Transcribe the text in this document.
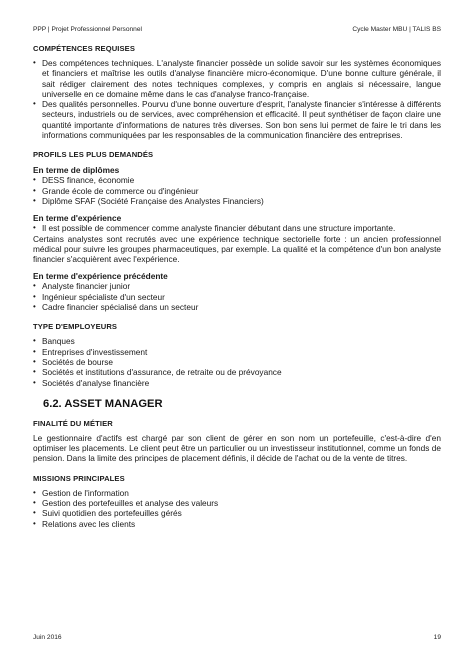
PPP | Projet Professionnel Personnel	Cycle Master MBU | TALIS BS

COMPÉTENCES REQUISES

• Des compétences techniques. L'analyste financier possède un solide savoir sur les systèmes économiques et financiers et maîtrise les outils d'analyse financière micro-économique. D'une bonne culture générale, il sait rédiger clairement des notes techniques complexes, y compris en anglais si nécessaire, langue universelle en ce domaine même dans le cas d'analyse franco-française.
• Des qualités personnelles. Pourvu d'une bonne ouverture d'esprit, l'analyste financier s'intéresse à différents secteurs, industriels ou de services, avec compréhension et efficacité. Il peut synthétiser de façon claire une quantité importante d'informations de natures très diverses. Son bon sens lui permet de faire le tri dans les informations communiquées par les responsables de la communication financière des entreprises.

PROFILS LES PLUS DEMANDÉS

En terme de diplômes

• DESS finance, économie
• Grande école de commerce ou d'ingénieur
• Diplôme SFAF (Société Française des Analystes Financiers)

En terme d'expérience

• Il est possible de commencer comme analyste financier débutant dans une structure importante.

Certains analystes sont recrutés avec une expérience technique sectorielle forte : un ancien professionnel médical pour suivre les groupes pharmaceutiques, par exemple. La qualité et la compétence d'un bon analyste financier s'acquièrent avec l'expérience.

En terme d'expérience précédente

• Analyste financier junior
• Ingénieur spécialiste d'un secteur
• Cadre financier spécialisé dans un secteur

TYPE D'EMPLOYEURS

• Banques
• Entreprises d'investissement
• Sociétés de bourse
• Sociétés et institutions d'assurance, de retraite ou de prévoyance
• Sociétés d'analyse financière

6.2. ASSET MANAGER

FINALITÉ DU MÉTIER

Le gestionnaire d'actifs est chargé par son client de gérer en son nom un portefeuille, c'est-à-dire d'en optimiser les placements. Le client peut être un particulier ou un investisseur institutionnel, comme un fonds de pension. Dans la limite des principes de placement définis, il décide de l'achat ou de la vente de titres.

MISSIONS PRINCIPALES

• Gestion de l'information
• Gestion des portefeuilles et analyse des valeurs
• Suivi quotidien des portefeuilles gérés
• Relations avec les clients
Juin 2016	19
